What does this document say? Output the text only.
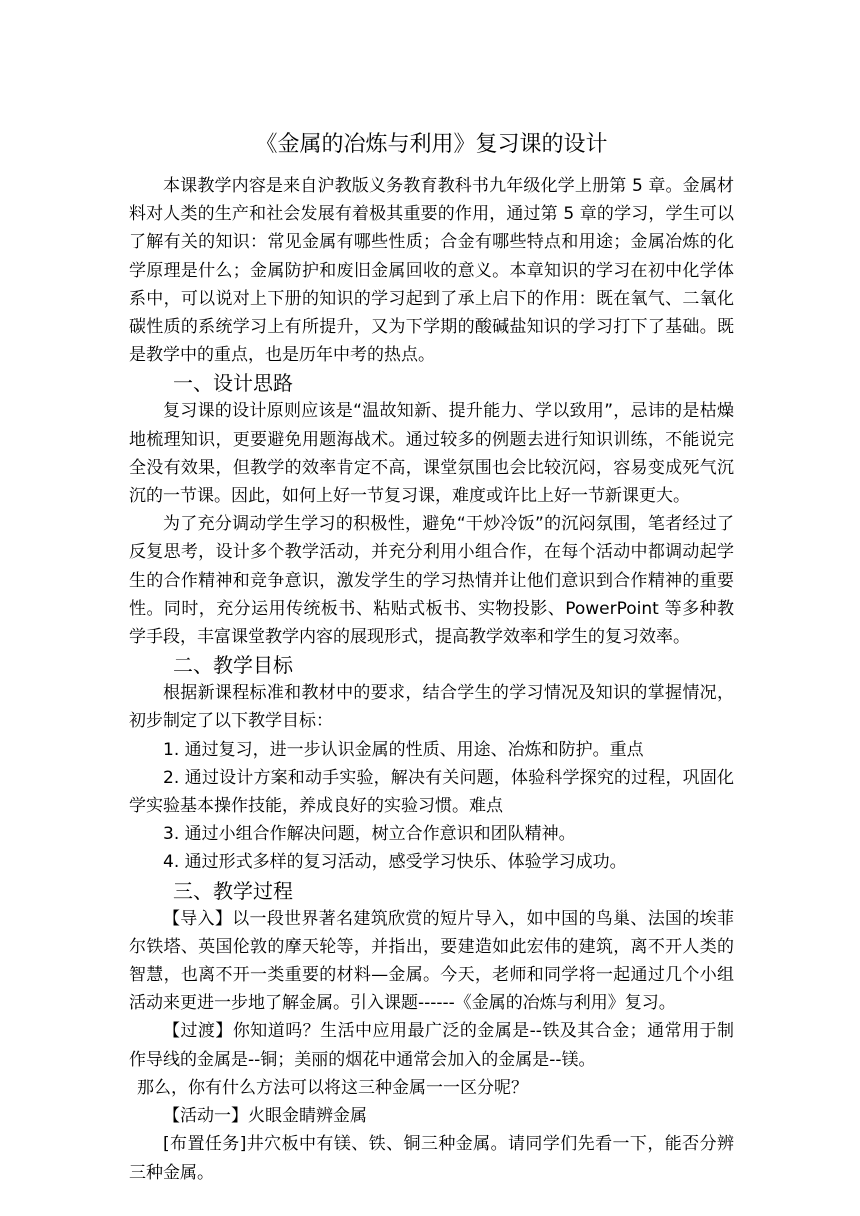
《金属的冶炼与利用》复习课的设计

本课教学内容是来自沪教版义务教育教科书九年级化学上册第 5 章。金属材料对人类的生产和社会发展有着极其重要的作用，通过第 5 章的学习，学生可以了解有关的知识：常见金属有哪些性质；合金有哪些特点和用途；金属冶炼的化学原理是什么；金属防护和废旧金属回收的意义。本章知识的学习在初中化学体系中，可以说对上下册的知识的学习起到了承上启下的作用：既在氧气、二氧化碳性质的系统学习上有所提升，又为下学期的酸碱盐知识的学习打下了基础。既是教学中的重点，也是历年中考的热点。

一、设计思路

复习课的设计原则应该是“温故知新、提升能力、学以致用”，忌讳的是枯燥地梳理知识，更要避免用题海战术。通过较多的例题去进行知识训练，不能说完全没有效果，但教学的效率肯定不高，课堂氛围也会比较沉闷，容易变成死气沉沉的一节课。因此，如何上好一节复习课，难度或许比上好一节新课更大。

为了充分调动学生学习的积极性，避免“干炒冷饭”的沉闷氛围，笔者经过了反复思考，设计多个教学活动，并充分利用小组合作，在每个活动中都调动起学生的合作精神和竞争意识，激发学生的学习热情并让他们意识到合作精神的重要性。同时，充分运用传统板书、粘贴式板书、实物投影、PowerPoint 等多种教学手段，丰富课堂教学内容的展现形式，提高教学效率和学生的复习效率。

二、教学目标

根据新课程标准和教材中的要求，结合学生的学习情况及知识的掌握情况，初步制定了以下教学目标：

1. 通过复习，进一步认识金属的性质、用途、冶炼和防护。重点

2. 通过设计方案和动手实验，解决有关问题，体验科学探究的过程，巩固化学实验基本操作技能，养成良好的实验习惯。难点

3. 通过小组合作解决问题，树立合作意识和团队精神。

4. 通过形式多样的复习活动，感受学习快乐、体验学习成功。

三、教学过程

【导入】以一段世界著名建筑欣赏的短片导入，如中国的鸟巢、法国的埃菲尔铁塔、英国伦敦的摩天轮等，并指出，要建造如此宏伟的建筑，离不开人类的智慧，也离不开一类重要的材料—金属。今天，老师和同学将一起通过几个小组活动来更进一步地了解金属。引入课题------《金属的冶炼与利用》复习。

【过渡】你知道吗？生活中应用最广泛的金属是--铁及其合金；通常用于制作导线的金属是--铜；美丽的烟花中通常会加入的金属是--镁。

那么，你有什么方法可以将这三种金属一一区分呢？

【活动一】火眼金睛辨金属

[布置任务]井穴板中有镁、铁、铜三种金属。请同学们先看一下，能否分辨三种金属。
